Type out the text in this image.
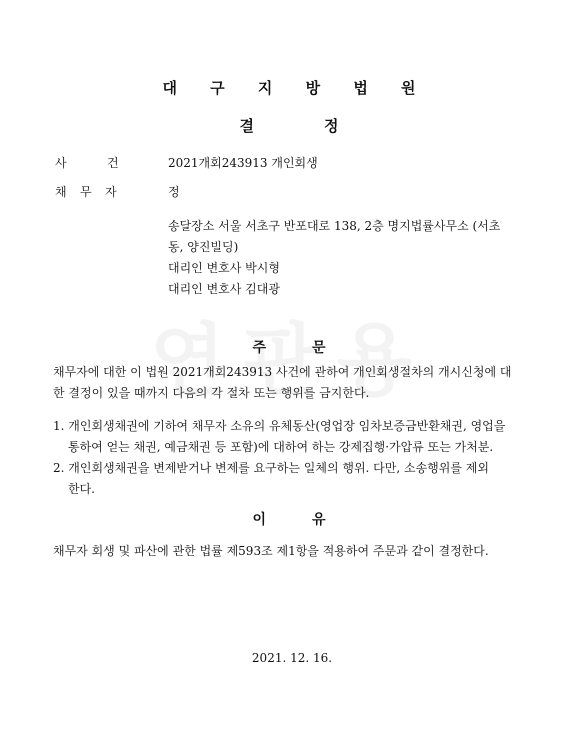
대 구 지 방 법 원
결	정
사	건	2021개회243913 개인회생
채 무 자	정
송달장소 서울 서초구 반포대로 138, 2층 명지법률사무소 (서초
동, 양진빌딩)
대리인 변호사 박시형
대리인 변호사 김대광
주	문
채무자에 대한 이 법원 2021개회243913 사건에 관하여 개인회생절차의 개시신청에 대
한 결정이 있을 때까지 다음의 각 절차 또는 행위를 금지한다.
1. 개인회생채권에 기하여 채무자 소유의 유체동산(영업장 임차보증금반환채권, 영업을
통하여 얻는 채권, 예금채권 등 포함)에 대하여 하는 강제집행·가압류 또는 가처분.
2. 개인회생채권을 변제받거나 변제를 요구하는 일체의 행위. 다만, 소송행위를 제외
한다.
이	유
채무자 회생 및 파산에 관한 법률 제593조 제1항을 적용하여 주문과 같이 결정한다.
2021. 12. 16.
